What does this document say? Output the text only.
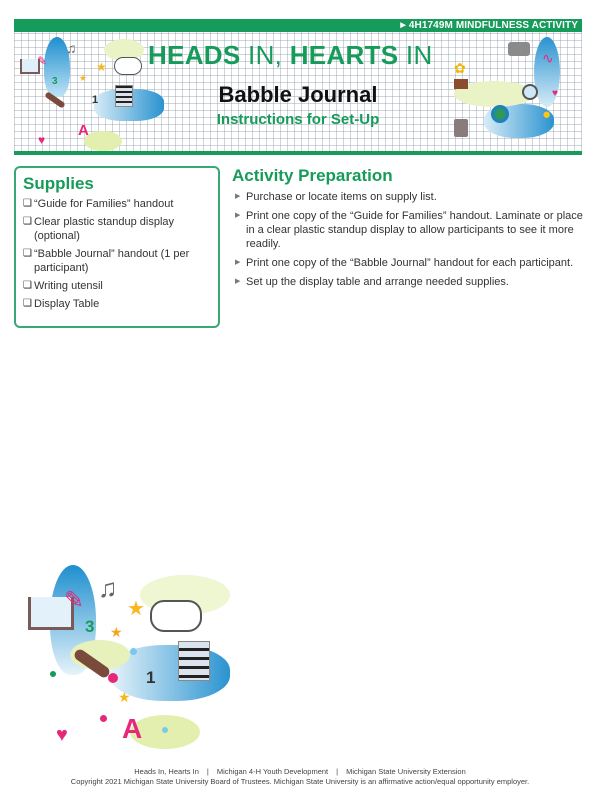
▶ 4H1749M MINDFULNESS ACTIVITY
✎
♫
★
★
3
1
♥
A
HEADS IN, HEARTS IN
Babble Journal
Instructions for Set-Up
✿
∿
●
♥
Supplies
❑ “Guide for Families” handout
❑ Clear plastic standup display (optional)
❑ “Babble Journal” handout (1 per participant)
❑ Writing utensil
❑ Display Table
Activity Preparation
▶ Purchase or locate items on supply list.
▶ Print one copy of the “Guide for Families” handout. Laminate or place in a clear plastic standup display to allow participants to see it more readily.
▶ Print one copy of the “Babble Journal” handout for each participant.
▶ Set up the display table and arrange needed supplies.
✎ ♫
★
★
★
3
1
♥ A
Heads In, Hearts In | Michigan 4-H Youth Development | Michigan State University Extension
Copyright 2021 Michigan State University Board of Trustees. Michigan State University is an affirmative action/equal opportunity employer.
